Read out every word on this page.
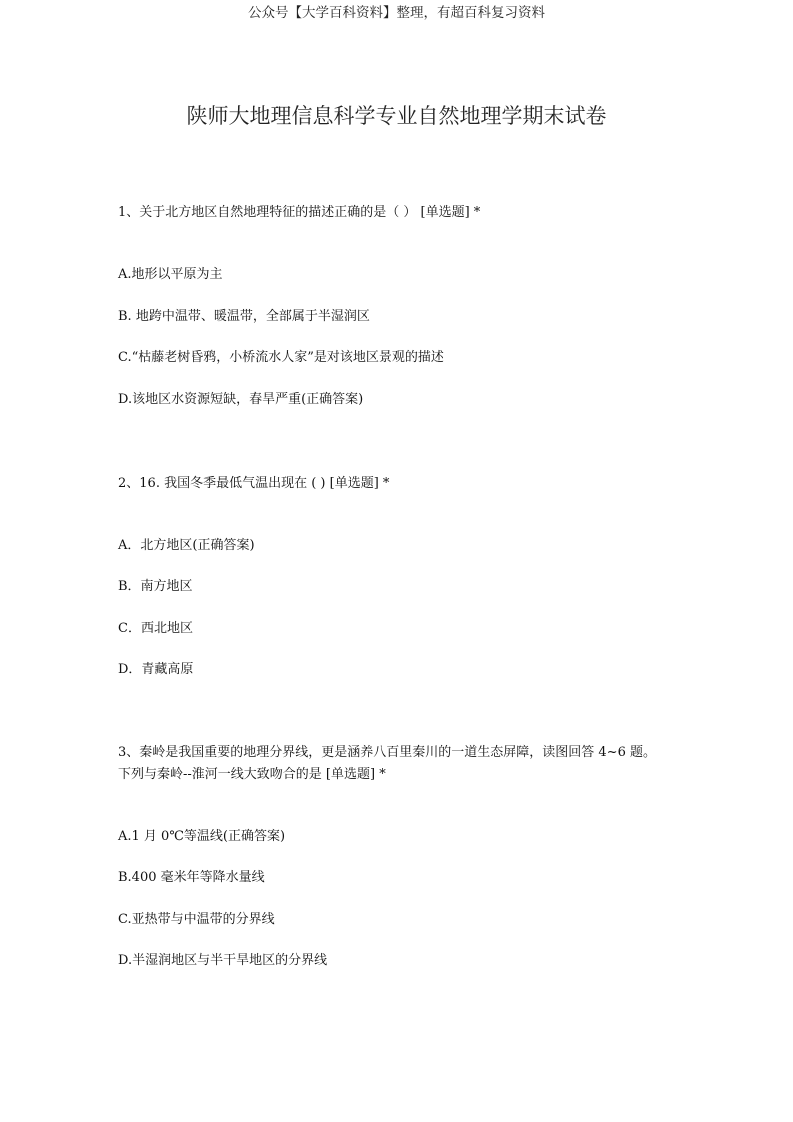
公众号【大学百科资料】整理，有超百科复习资料
陕师大地理信息科学专业自然地理学期末试卷
1、关于北方地区自然地理特征的描述正确的是（ ） [单选题] *
A.地形以平原为主
B. 地跨中温带、暖温带，全部属于半湿润区
C.“枯藤老树昏鸦，小桥流水人家”是对该地区景观的描述
D.该地区水资源短缺，春旱严重(正确答案)
2、16. 我国冬季最低气温出现在 ( ) [单选题] *
A．北方地区(正确答案)
B．南方地区
C．西北地区
D．青藏高原
3、秦岭是我国重要的地理分界线，更是涵养八百里秦川的一道生态屏障，读图回答 4~6 题。
下列与秦岭--淮河一线大致吻合的是 [单选题] *
A.1 月 0℃等温线(正确答案)
B.400 毫米年等降水量线
C.亚热带与中温带的分界线
D.半湿润地区与半干旱地区的分界线
